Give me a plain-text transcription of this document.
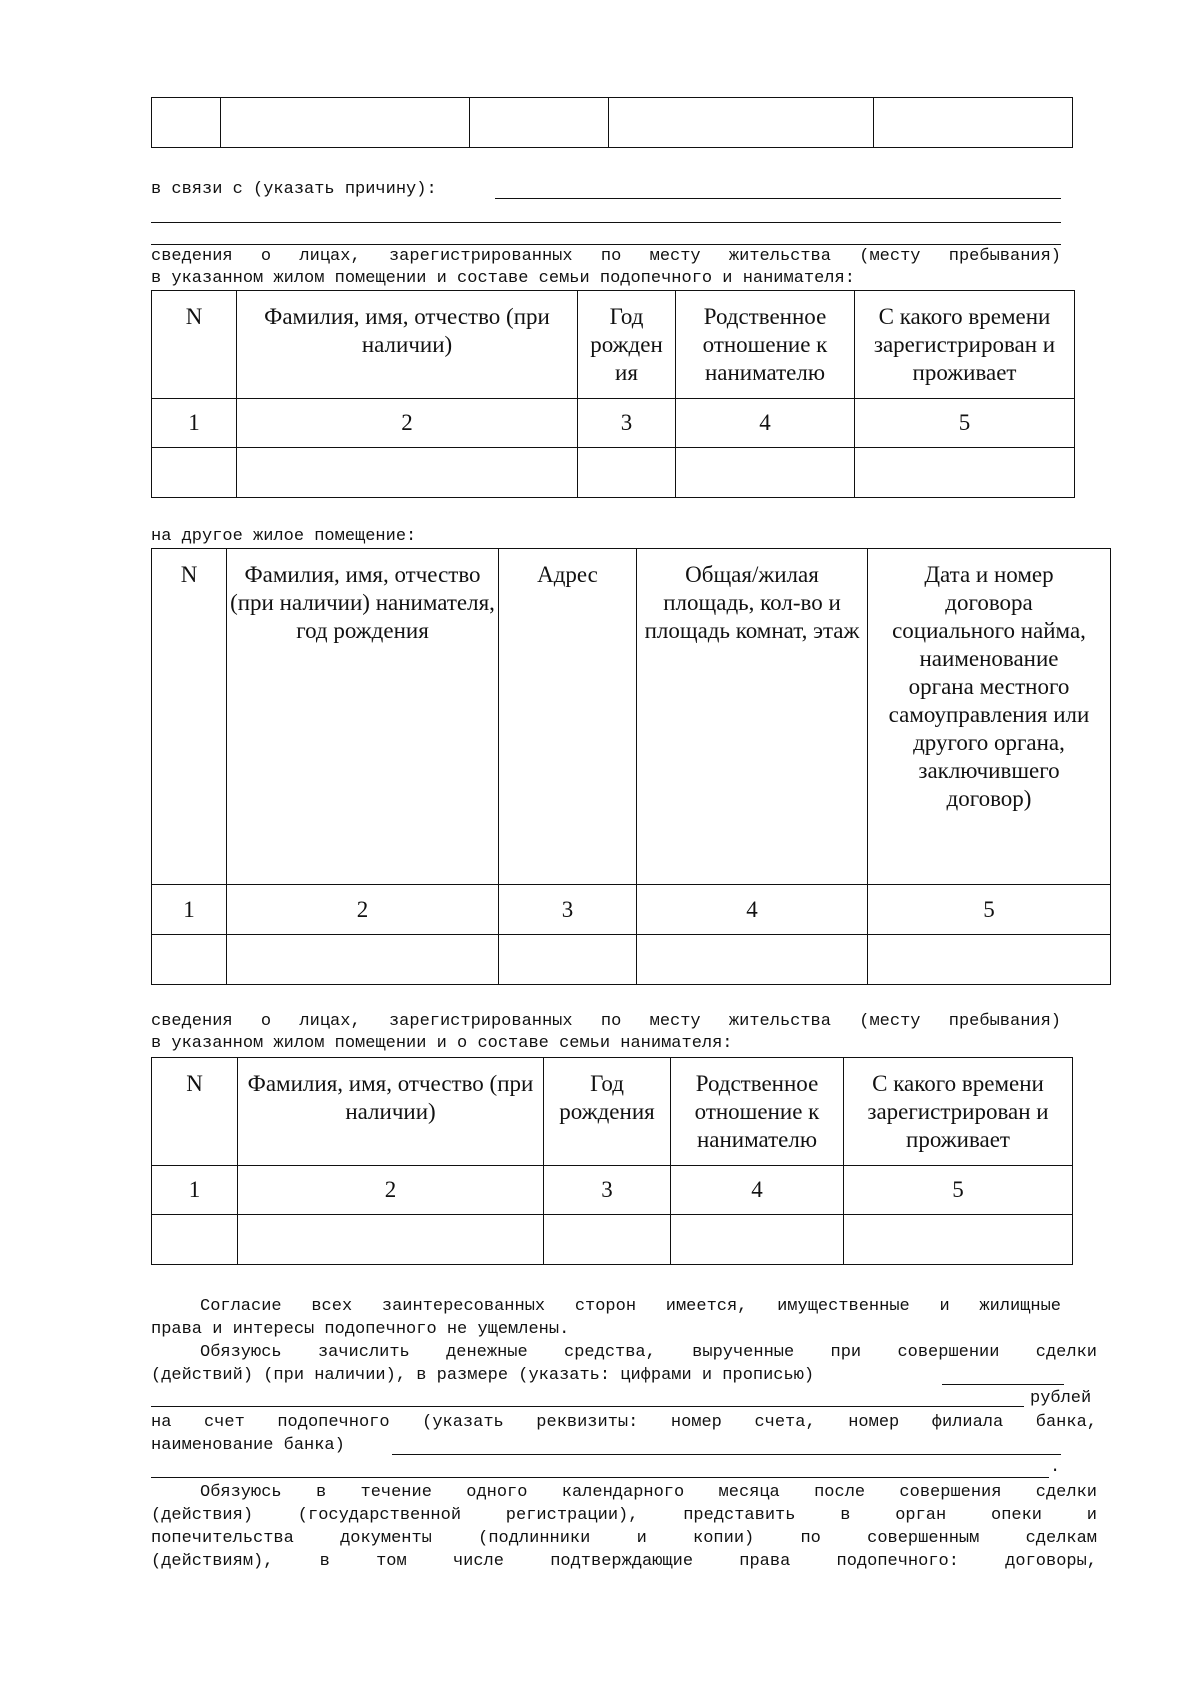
в связи с (указать причину):
сведения о лицах, зарегистрированных по месту жительства (месту пребывания)
в указанном жилом помещении и составе семьи подопечного и нанимателя:
N	Фамилия, имя, отчество (при наличии)	Год рожден ия	Родственное отношение к нанимателю	С какого времени зарегистрирован и проживает
1	2	3	4	5

на другое жилое помещение:
N	Фамилия, имя, отчество (при наличии) нанимателя, год рождения	Адрес	Общая/жилая площадь, кол-во и площадь комнат, этаж	Дата и номер договора социального найма, наименование органа местного самоуправления или другого органа, заключившего договор)
1	2	3	4	5

сведения о лицах, зарегистрированных по месту жительства (месту пребывания)
в указанном жилом помещении и о составе семьи нанимателя:
N	Фамилия, имя, отчество (при наличии)	Год рождения	Родственное отношение к нанимателю	С какого времени зарегистрирован и проживает
1	2	3	4	5

Согласие всех заинтересованных сторон имеется, имущественные и жилищные
права и интересы подопечного не ущемлены.
Обязуюсь зачислить денежные средства, вырученные при совершении сделки
(действий) (при наличии), в размере (указать: цифрами и прописью)
рублей
на счет подопечного (указать реквизиты: номер счета, номер филиала банка,
наименование банка)
.
Обязуюсь в течение одного календарного месяца после совершения сделки
(действия) (государственной регистрации), представить в орган опеки и
попечительства документы (подлинники и копии) по совершенным сделкам
(действиям), в том числе подтверждающие права подопечного: договоры,
